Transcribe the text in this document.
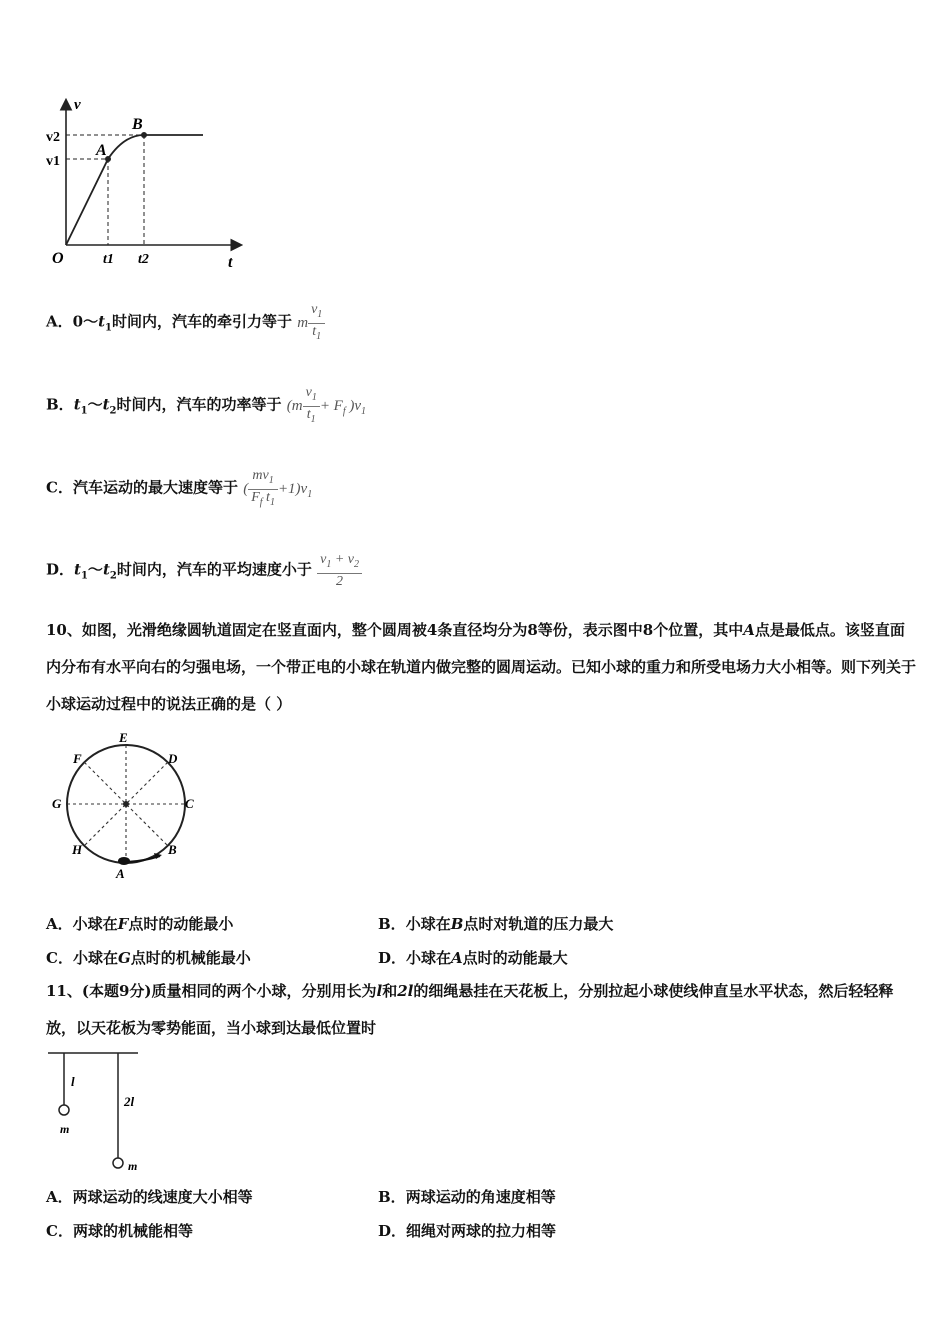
v
t
O
v2
v1
t1 t2
A
B
A．$0\sim t_1$时间内，汽车的牵引力等于 m $\frac{v_1}{t_1}$
B．$t_1\sim t_2$时间内，汽车的功率等于 ($m \frac{v_1}{t_1} + F_f$ )$v_1$
C．汽车运动的最大速度等于 ( $\frac{mv_1}{F_f t_1} +1)v_1$
D．$t_1\sim t_2$时间内，汽车的平均速度小于 $\frac{v_1 + v_2}{2}$
10、如图，光滑绝缘圆轨道固定在竖直面内，整个圆周被4条直径均分为8等份，表示图中8个位置，其中A点是最低点。该竖直面内分布有水平向右的匀强电场，一个带正电的小球在轨道内做完整的圆周运动。已知小球的重力和所受电场力大小相等。则下列关于小球运动过程中的说法正确的是（ ）
A
B
C
D
E
F
G
H
A．小球在F点时的动能最小	B．小球在B点时对轨道的压力最大
C．小球在G点时的机械能最小	D．小球在A点时的动能最大
11、(本题9分)质量相同的两个小球，分别用长为l和2l的细绳悬挂在天花板上，分别拉起小球使线伸直呈水平状态，然后轻轻释放，以天花板为零势能面，当小球到达最低位置时
l
2l
m
m
A．两球运动的线速度大小相等	B．两球运动的角速度相等
C．两球的机械能相等	D．细绳对两球的拉力相等
